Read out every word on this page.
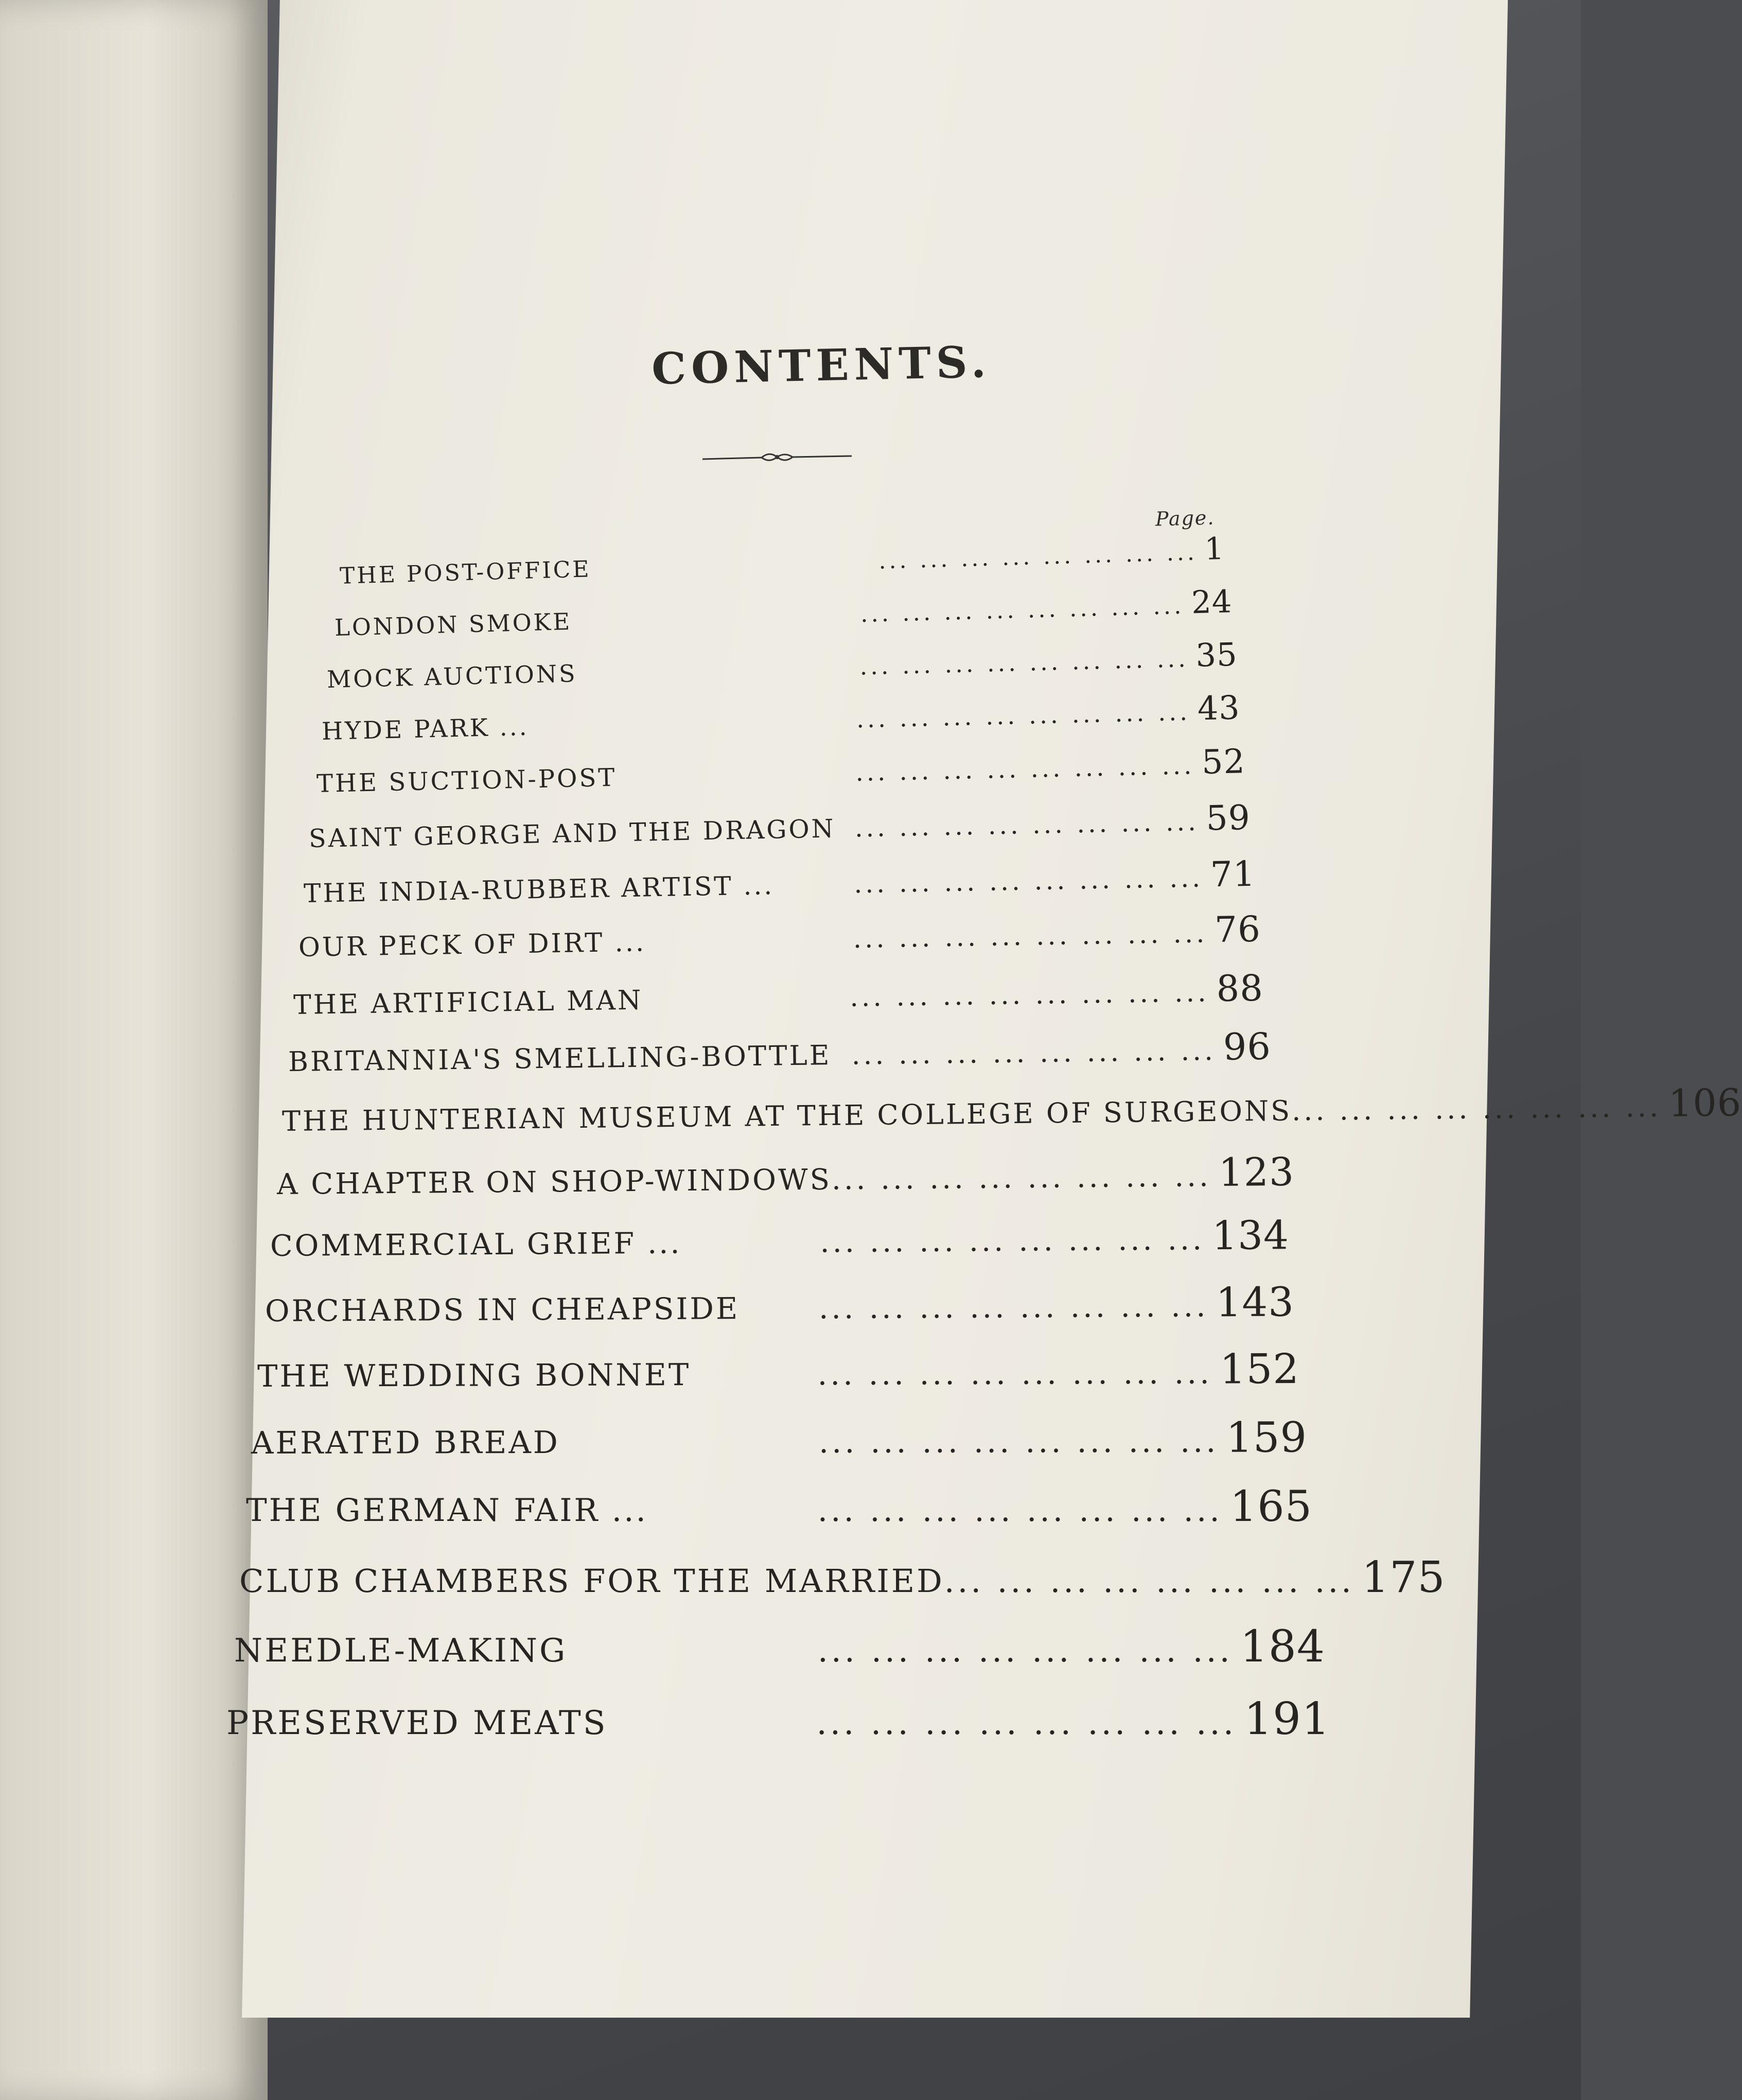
CONTENTS.
Page.
THE POST-OFFICE	... ... ... ... ... ... ... ... 1
LONDON SMOKE	... ... ... ... ... ... ... ... 24
MOCK AUCTIONS	... ... ... ... ... ... ... ... 35
HYDE PARK ...	... ... ... ... ... ... ... ... 43
THE SUCTION-POST	... ... ... ... ... ... ... ... 52
SAINT GEORGE AND THE DRAGON ... ... ... ... ... ... ... ... 59
THE INDIA-RUBBER ARTIST ...	... ... ... ... ... ... ... ... 71
OUR PECK OF DIRT ...	... ... ... ... ... ... ... ... 76
THE ARTIFICIAL MAN	... ... ... ... ... ... ... ... 88
BRITANNIA'S SMELLING-BOTTLE ... ... ... ... ... ... ... ... 96
THE HUNTERIAN MUSEUM AT THE COLLEGE OF SURGEONS ... ... ... ... ... ... ... ... 106
A CHAPTER ON SHOP-WINDOWS ... ... ... ... ... ... ... ... 123
COMMERCIAL GRIEF ...	... ... ... ... ... ... ... ... 134
ORCHARDS IN CHEAPSIDE	... ... ... ... ... ... ... ... 143
THE WEDDING BONNET	... ... ... ... ... ... ... ... 152
AERATED BREAD	... ... ... ... ... ... ... ... 159
THE GERMAN FAIR ...	... ... ... ... ... ... ... ... 165
CLUB CHAMBERS FOR THE MARRIED ... ... ... ... ... ... ... ... 175
NEEDLE-MAKING	... ... ... ... ... ... ... ... 184
PRESERVED MEATS	... ... ... ... ... ... ... ... 191
